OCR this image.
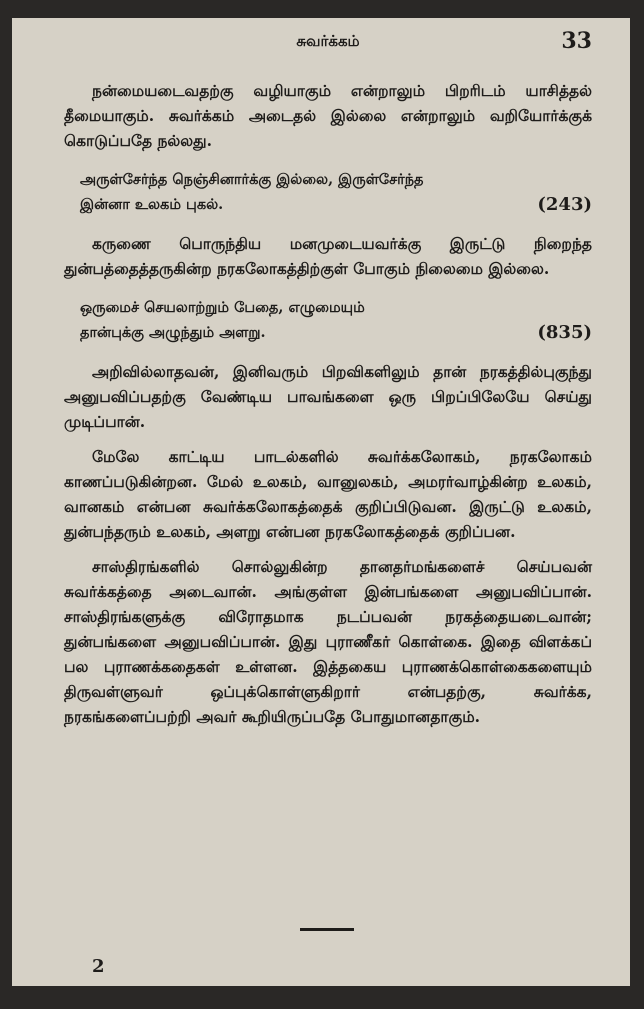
சுவர்க்கம்	33

நன்மையடைவதற்கு வழியாகும் என்றாலும் பிறரிடம் யாசித்தல் தீமையாகும். சுவர்க்கம் அடைதல் இல்லை என்றாலும் வறியோர்க்குக் கொடுப்பதே நல்லது.

அருள்சேர்ந்த நெஞ்சினார்க்கு இல்லை, இருள்சேர்ந்த
இன்னா உலகம் புகல்.	(243)

கருணை பொருந்திய மனமுடையவர்க்கு இருட்டு நிறைந்த துன்பத்தைத்தருகின்ற நரகலோகத்திற்குள் போகும் நிலைமை இல்லை.

ஒருமைச் செயலாற்றும் பேதை, எழுமையும்
தான்புக்கு அழுந்தும் அளறு.	(835)

அறிவில்லாதவன், இனிவரும் பிறவிகளிலும் தான் நரகத்தில்புகுந்து அனுபவிப்பதற்கு வேண்டிய பாவங்களை ஒரு பிறப்பிலேயே செய்து முடிப்பான்.

மேலே காட்டிய பாடல்களில் சுவர்க்கலோகம், நரகலோகம் காணப்படுகின்றன. மேல் உலகம், வானுலகம், அமரர்வாழ்கின்ற உலகம், வானகம் என்பன சுவர்க்கலோகத்தைக் குறிப்பிடுவன. இருட்டு உலகம், துன்பந்தரும் உலகம், அளறு என்பன நரகலோகத்தைக் குறிப்பன.

சாஸ்திரங்களில் சொல்லுகின்ற தானதர்மங்களைச் செய்பவன் சுவர்க்கத்தை அடைவான். அங்குள்ள இன்பங்களை அனுபவிப்பான். சாஸ்திரங்களுக்கு விரோதமாக நடப்பவன் நரகத்தையடைவான்; துன்பங்களை அனுபவிப்பான். இது புராணீகர் கொள்கை. இதை விளக்கப் பல புராணக்கதைகள் உள்ளன. இத்தகைய புராணக்கொள்கைகளையும் திருவள்ளுவர் ஒப்புக்கொள்ளுகிறார் என்பதற்கு, சுவர்க்க, நரகங்களைப்பற்றி அவர் கூறியிருப்பதே போதுமானதாகும்.

2
